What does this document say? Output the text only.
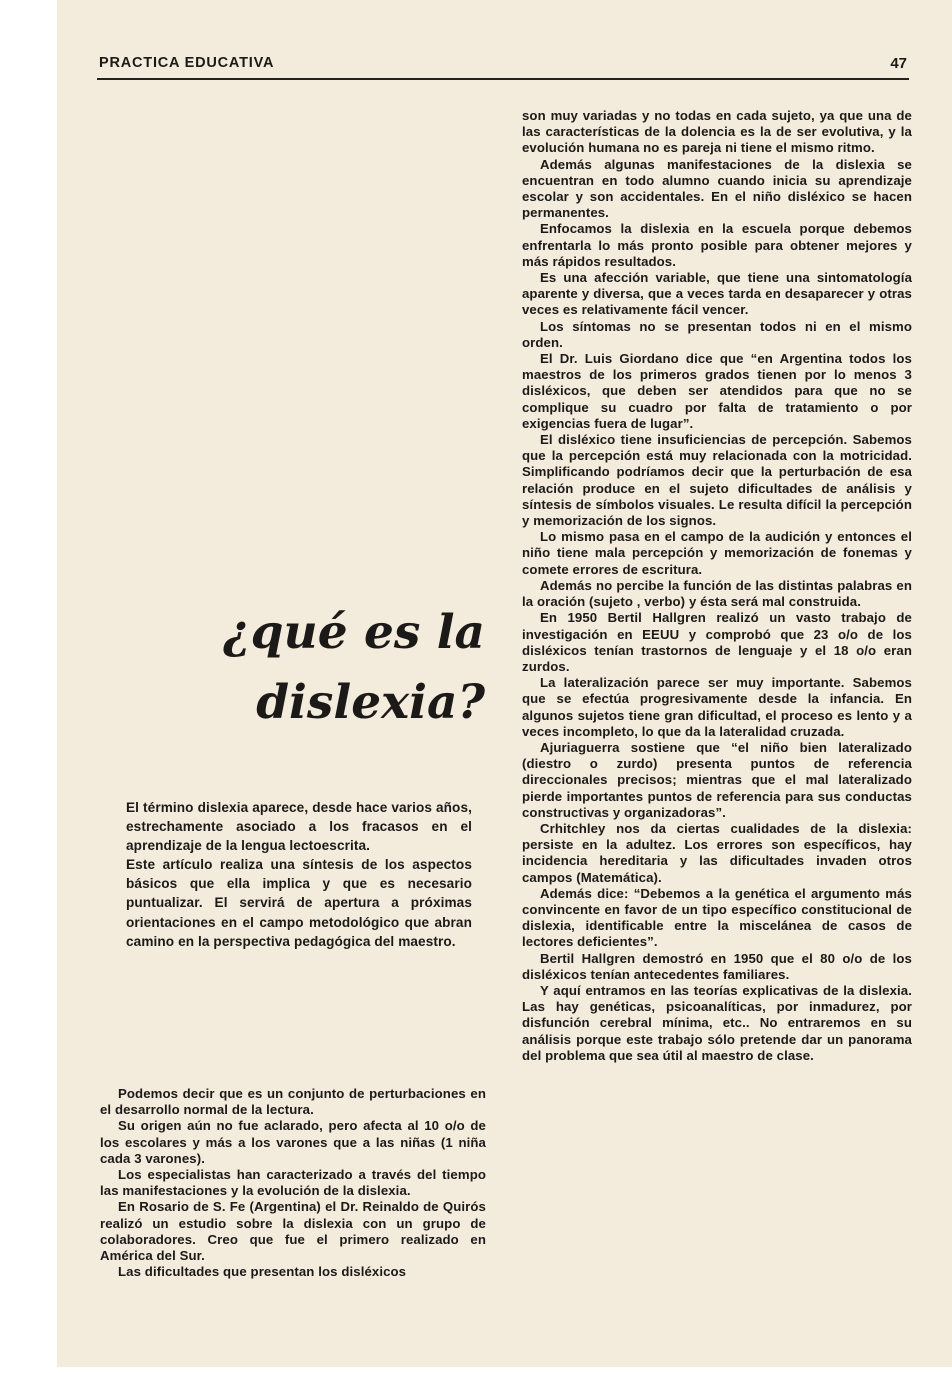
PRACTICA EDUCATIVA	47
¿qué es la
dislexia?

El término dislexia aparece, desde hace varios años, estrechamente asociado a los fracasos en el aprendizaje de la lengua lectoescrita.

Este artículo realiza una síntesis de los aspectos básicos que ella implica y que es necesario puntualizar. El servirá de apertura a próximas orientaciones en el campo metodológico que abran camino en la perspectiva pedagógica del maestro.

Podemos decir que es un conjunto de perturbaciones en el desarrollo normal de la lectura.

Su origen aún no fue aclarado, pero afecta al 10 o/o de los escolares y más a los varones que a las niñas (1 niña cada 3 varones).

Los especialistas han caracterizado a través del tiempo las manifestaciones y la evolución de la dislexia.

En Rosario de S. Fe (Argentina) el Dr. Reinaldo de Quirós realizó un estudio sobre la dislexia con un grupo de colaboradores. Creo que fue el primero realizado en América del Sur.

Las dificultades que presentan los disléxicos

son muy variadas y no todas en cada sujeto, ya que una de las características de la dolencia es la de ser evolutiva, y la evolución humana no es pareja ni tiene el mismo ritmo.

Además algunas manifestaciones de la dislexia se encuentran en todo alumno cuando inicia su aprendizaje escolar y son accidentales. En el niño disléxico se hacen permanentes.

Enfocamos la dislexia en la escuela porque debemos enfrentarla lo más pronto posible para obtener mejores y más rápidos resultados.

Es una afección variable, que tiene una sintomatología aparente y diversa, que a veces tarda en desaparecer y otras veces es relativamente fácil vencer.

Los síntomas no se presentan todos ni en el mismo orden.

El Dr. Luis Giordano dice que “en Argentina todos los maestros de los primeros grados tienen por lo menos 3 disléxicos, que deben ser atendidos para que no se complique su cuadro por falta de tratamiento o por exigencias fuera de lugar”.

El disléxico tiene insuficiencias de percepción. Sabemos que la percepción está muy relacionada con la motricidad. Simplificando podríamos decir que la perturbación de esa relación produce en el sujeto dificultades de análisis y síntesis de símbolos visuales. Le resulta difícil la percepción y memorización de los signos.

Lo mismo pasa en el campo de la audición y entonces el niño tiene mala percepción y memorización de fonemas y comete errores de escritura.

Además no percibe la función de las distintas palabras en la oración (sujeto , verbo) y ésta será mal construida.

En 1950 Bertil Hallgren realizó un vasto trabajo de investigación en EEUU y comprobó que 23 o/o de los disléxicos tenían trastornos de lenguaje y el 18 o/o eran zurdos.

La lateralización parece ser muy importante. Sabemos que se efectúa progresivamente desde la infancia. En algunos sujetos tiene gran dificultad, el proceso es lento y a veces incompleto, lo que da la lateralidad cruzada.

Ajuriaguerra sostiene que “el niño bien lateralizado (diestro o zurdo) presenta puntos de referencia direccionales precisos; mientras que el mal lateralizado pierde importantes puntos de referencia para sus conductas constructivas y organizadoras”.

Crhitchley nos da ciertas cualidades de la dislexia: persiste en la adultez. Los errores son específicos, hay incidencia hereditaria y las dificultades invaden otros campos (Matemática).

Además dice: “Debemos a la genética el argumento más convincente en favor de un tipo específico constitucional de dislexia, identificable entre la miscelánea de casos de lectores deficientes”.

Bertil Hallgren demostró en 1950 que el 80 o/o de los disléxicos tenían antecedentes familiares.

Y aquí entramos en las teorías explicativas de la dislexia. Las hay genéticas, psicoanalíticas, por inmadurez, por disfunción cerebral mínima, etc.. No entraremos en su análisis porque este trabajo sólo pretende dar un panorama del problema que sea útil al maestro de clase.
